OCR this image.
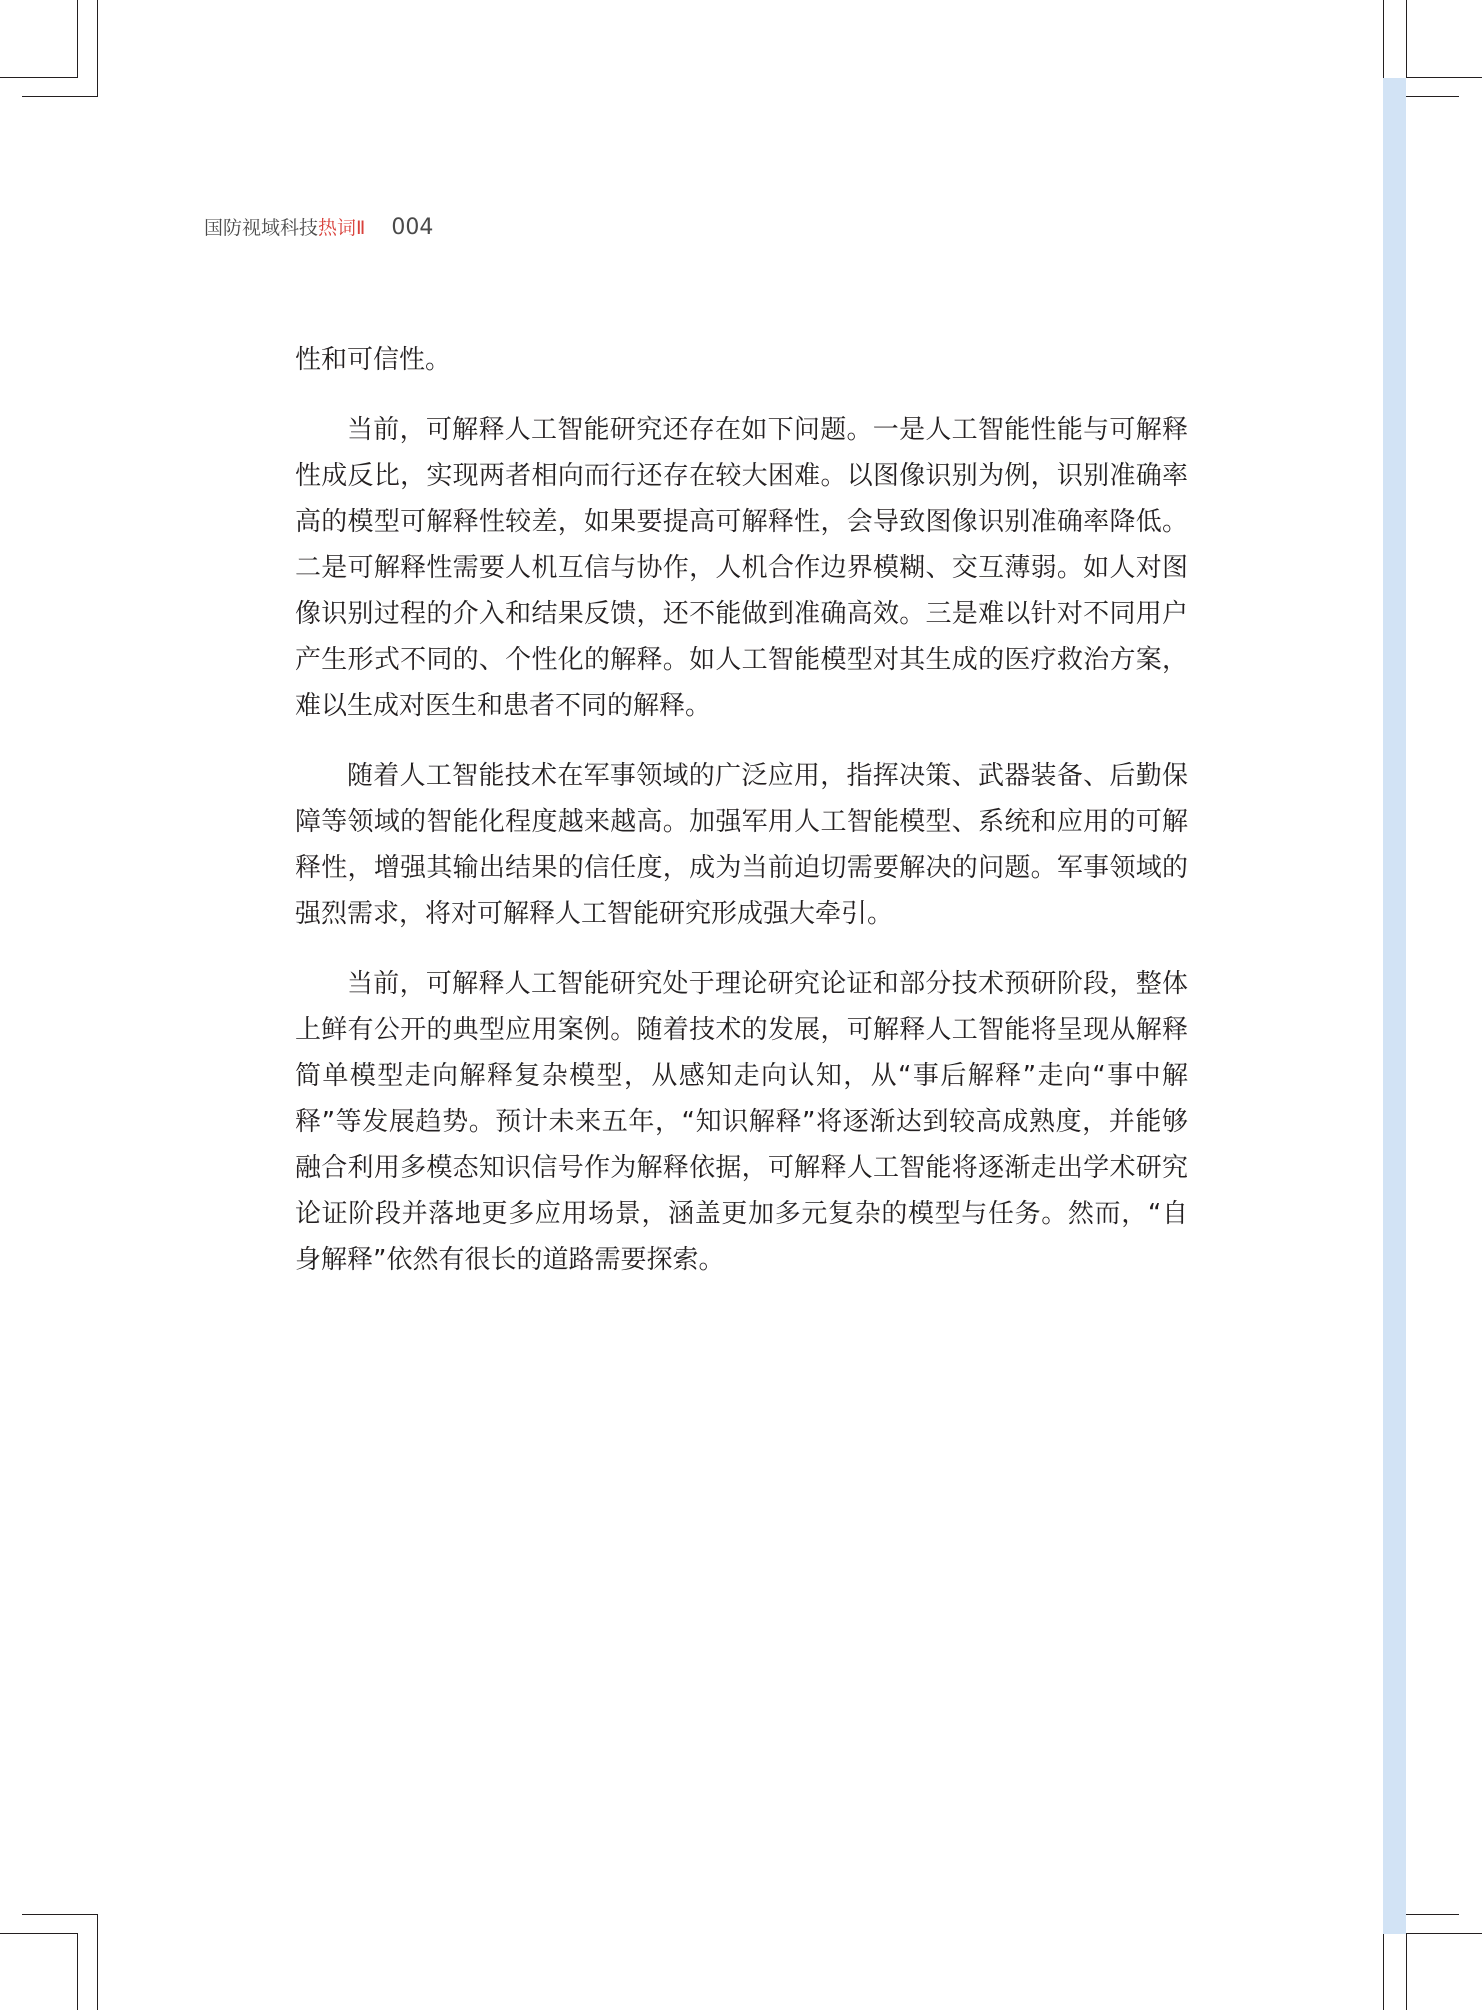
国防视域科技热词Ⅱ 004

性和可信性。

当前，可解释人工智能研究还存在如下问题。一是人工智能性能与可解释性成反比，实现两者相向而行还存在较大困难。以图像识别为例，识别准确率高的模型可解释性较差，如果要提高可解释性，会导致图像识别准确率降低。二是可解释性需要人机互信与协作，人机合作边界模糊、交互薄弱。如人对图像识别过程的介入和结果反馈，还不能做到准确高效。三是难以针对不同用户产生形式不同的、个性化的解释。如人工智能模型对其生成的医疗救治方案，难以生成对医生和患者不同的解释。

随着人工智能技术在军事领域的广泛应用，指挥决策、武器装备、后勤保障等领域的智能化程度越来越高。加强军用人工智能模型、系统和应用的可解释性，增强其输出结果的信任度，成为当前迫切需要解决的问题。军事领域的强烈需求，将对可解释人工智能研究形成强大牵引。

当前，可解释人工智能研究处于理论研究论证和部分技术预研阶段，整体上鲜有公开的典型应用案例。随着技术的发展，可解释人工智能将呈现从解释简单模型走向解释复杂模型，从感知走向认知，从“事后解释”走向“事中解释”等发展趋势。预计未来五年，“知识解释”将逐渐达到较高成熟度，并能够融合利用多模态知识信号作为解释依据，可解释人工智能将逐渐走出学术研究论证阶段并落地更多应用场景，涵盖更加多元复杂的模型与任务。然而，“自身解释”依然有很长的道路需要探索。
